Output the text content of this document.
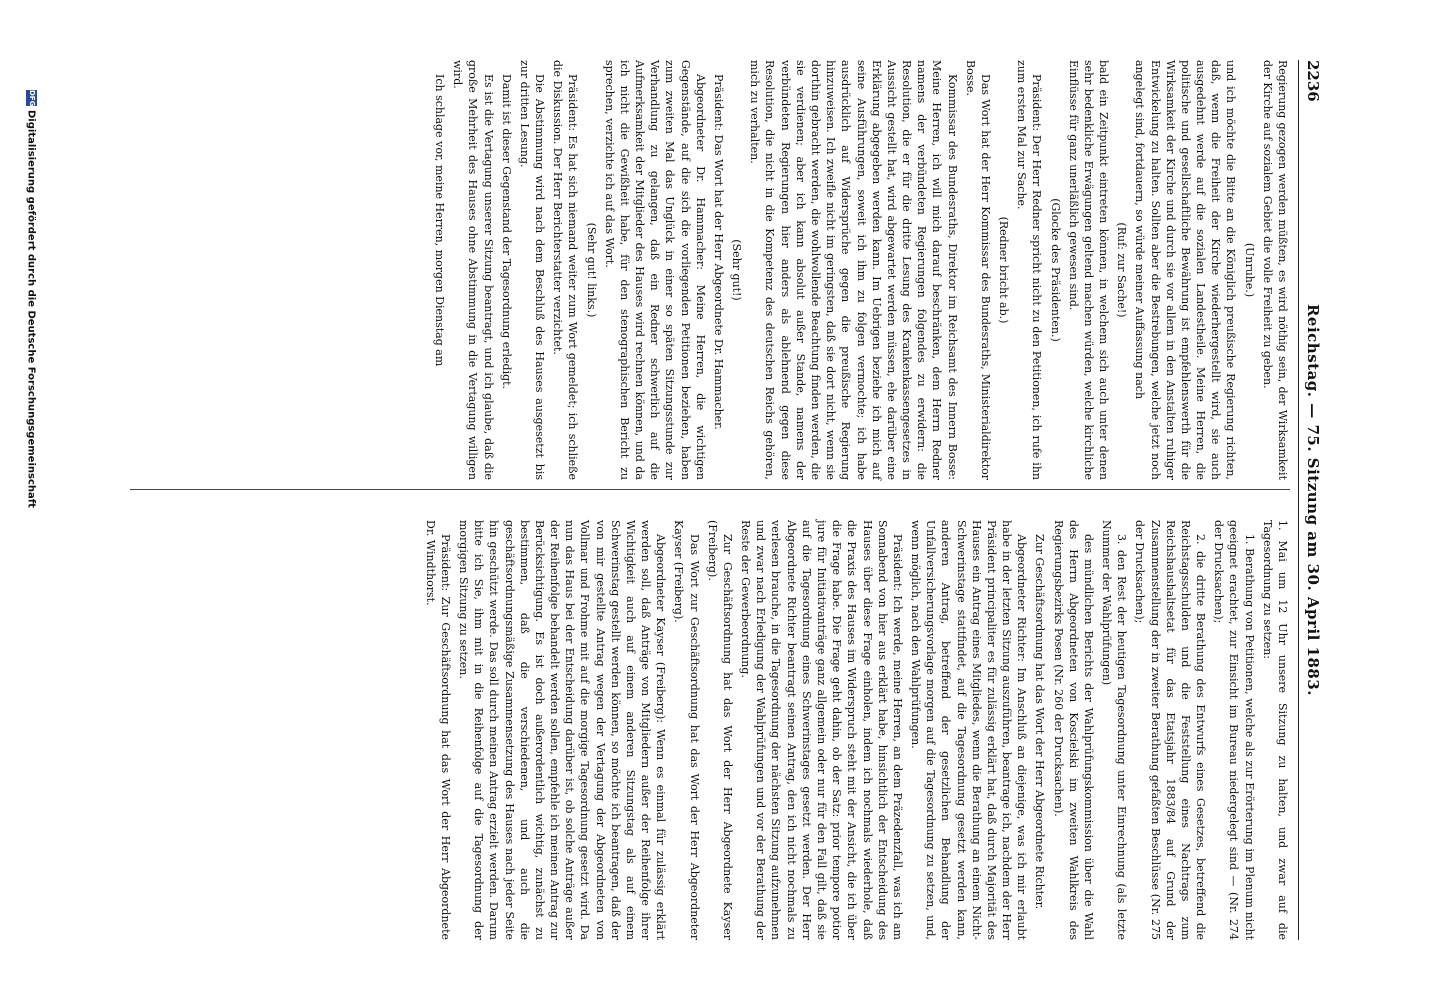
2236
Reichstag. — 75. Sitzung am 30. April 1883.

Regierung gezogen werden müßten, es wird nöthig sein, der Wirksamkeit der Kirche auf sozialem Gebiet die volle Freiheit zu geben.

(Unruhe.)

und ich möchte die Bitte an die Königlich preußische Regierung richten, daß, wenn die Freiheit der Kirche wiederhergestellt wird, sie auch ausgedehnt werde auf die sozialen Landestheile. Meine Herren, die politische und gesellschaftliche Bewährung ist empfehlenswerth für die Wirksamkeit der Kirche und durch sie vor allem in den Anstalten ruhiger Entwickelung zu halten. Sollten aber die Bestrebungen, welche jetzt noch angelegt sind, fortdauern, so würde meiner Auffassung nach

(Ruf: zur Sache!)

bald ein Zeitpunkt eintreten können, in welchem sich auch unter denen sehr bedenkliche Erwägungen geltend machen würden, welche kirchliche Einflüsse für ganz unerläßlich gewesen sind.

(Glocke des Präsidenten.)

Präsident: Der Herr Redner spricht nicht zu den Petitionen, ich rufe ihn zum ersten Mal zur Sache.

(Redner bricht ab.)

Das Wort hat der Herr Kommissar des Bundesraths, Ministerialdirektor Bosse.

Kommissar des Bundesraths, Direktor im Reichsamt des Innern Bosse: Meine Herren, ich will mich darauf beschränken, dem Herrn Redner namens der verbündeten Regierungen folgendes zu erwidern: die Resolution, die er für die dritte Lesung des Krankenkassengesetzes in Aussicht gestellt hat, wird abgewartet werden müssen, ehe darüber eine Erklärung abgegeben werden kann. Im Uebrigen beziehe ich mich auf seine Ausführungen, soweit ich ihm zu folgen vermochte; ich habe ausdrücklich auf Widersprüche gegen die preußische Regierung hinzuweisen. Ich zweifle nicht im geringsten, daß sie dort nicht, wenn sie dorthin gebracht werden, die wohlwollende Beachtung finden werden, die sie verdienen; aber ich kann absolut außer Stande, namens der verbündeten Regierungen hier anders als ablehnend gegen diese Resolution, die nicht in die Kompetenz des deutschen Reichs gehören, mich zu verhalten.

(Sehr gut!)

Präsident: Das Wort hat der Herr Abgeordnete Dr. Hammacher.

Abgeordneter Dr. Hammacher: Meine Herren, die wichtigen Gegenstände, auf die sich die vorliegenden Petitionen beziehen, haben zum zweiten Mal das Unglück in einer so späten Sitzungsstunde zur Verhandlung zu gelangen, daß ein Redner schwerlich auf die Aufmerksamkeit der Mitglieder des Hauses wird rechnen können, und da ich nicht die Gewißheit habe, für den stenographischen Bericht zu sprechen, verzichte ich auf das Wort.

(Sehr gut! links.)

Präsident: Es hat sich niemand weiter zum Wort gemeldet; ich schließe die Diskussion. Der Herr Berichterstatter verzichtet.

Die Abstimmung wird nach dem Beschluß des Hauses ausgesetzt bis zur dritten Lesung.

Damit ist dieser Gegenstand der Tagesordnung erledigt.

Es ist die Vertagung unserer Sitzung beantragt, und ich glaube, daß die große Mehrheit des Hauses ohne Abstimmung in die Vertagung willigen wird.

Ich schlage vor, meine Herren, morgen Dienstag am

1. Mai um 12 Uhr unsere Sitzung zu halten, und zwar auf die Tagesordnung zu setzen:

1. Berathung von Petitionen, welche als zur Erörterung im Plenum nicht geeignet erachtet, zur Einsicht im Bureau niedergelegt sind — (Nr. 274 der Drucksachen);

2. die dritte Berathung des Entwurfs eines Gesetzes, betreffend die Reichstagsschulden und die Feststellung eines Nachtrags zum Reichshaushaltsetat für das Etatsjahr 1883/84 auf Grund der Zusammenstellung der in zweiter Berathung gefaßten Beschlüsse (Nr. 275 der Drucksachen);

3. den Rest der heutigen Tagesordnung unter Einrechnung (als letzte Nummer der Wahlprüfungen)

des mündlichen Berichts der Wahlprüfungskommission über die Wahl des Herrn Abgeordneten von Koscielski im zweiten Wahlkreis des Regierungsbezirks Posen (Nr. 260 der Drucksachen).

Zur Geschäftsordnung hat das Wort der Herr Abgeordnete Richter.

Abgeordneter Richter: Im Anschluß an diejenige, was ich mir erlaubt habe in der letzten Sitzung auszuführen, beantrage ich, nachdem der Herr Präsident principaliter es für zulässig erklärt hat, daß durch Majorität des Hauses ein Antrag eines Mitgliedes, wenn die Berathung an einem Nicht-Schwerinstage stattfindet, auf die Tagesordnung gesetzt werden kann, anderen Antrag, betreffend der gesetzlichen Behandlung der Unfallversicherungsvorlage morgen auf die Tagesordnung zu setzen, und, wenn möglich, nach den Wahlprüfungen.

Präsident: Ich werde, meine Herren, an dem Präzedenzfall, was ich am Sonnabend von hier aus erklärt habe, hinsichtlich der Entscheidung des Hauses über diese Frage einholen, indem ich nochmals wiederhole, daß die Praxis des Hauses im Widerspruch steht mit der Ansicht, die ich über die Frage habe. Die Frage geht dahin, ob der Satz: prior tempore potior jure für Initiativanträge ganz allgemein oder nur für den Fall gilt, daß sie auf die Tagesordnung eines Schwerinstages gesetzt werden. Der Herr Abgeordnete Richter beantragt seinen Antrag, den ich nicht nochmals zu verlesen brauche, in die Tagesordnung der nächsten Sitzung aufzunehmen und zwar nach Erledigung der Wahlprüfungen und vor der Berathung der Reste der Gewerbeordnung.

Zur Geschäftsordnung hat das Wort der Herr Abgeordnete Kayser (Freiberg).

Das Wort zur Geschäftsordnung hat das Wort der Herr Abgeordneter Kayser (Freiberg).

Abgeordneter Kayser (Freiberg): Wenn es einmal für zulässig erklärt werden soll, daß Anträge von Mitgliedern außer der Reihenfolge ihrer Wichtigkeit auch auf einem anderen Sitzungstag als auf einem Schwerinstag gestellt werden können, so möchte ich beantragen, daß der von mir gestellte Antrag wegen der Vertagung der Abgeordneten von Vollmar und Frohme mit auf die morgige Tagesordnung gesetzt wird. Da nun das Haus bei der Entscheidung darüber ist, ob solche Anträge außer der Reihenfolge behandelt werden sollen, empfehle ich meinen Antrag zur Berücksichtigung. Es ist doch außerordentlich wichtig, zunächst zu bestimmen, daß die verschiedenen, und auch die geschäftsordnungsmäßige Zusammensetzung des Hauses nach jeder Seite hin geschützt werde. Das soll durch meinen Antrag erzielt werden. Darum bitte ich Sie, ihm mit in die Reihenfolge auf die Tagesordnung der morgigen Sitzung zu setzen.

Präsident: Zur Geschäftsordnung hat das Wort der Herr Abgeordnete Dr. Windthorst.

DFGDigitalisierung gefördert durch die Deutsche Forschungsgemeinschaft
